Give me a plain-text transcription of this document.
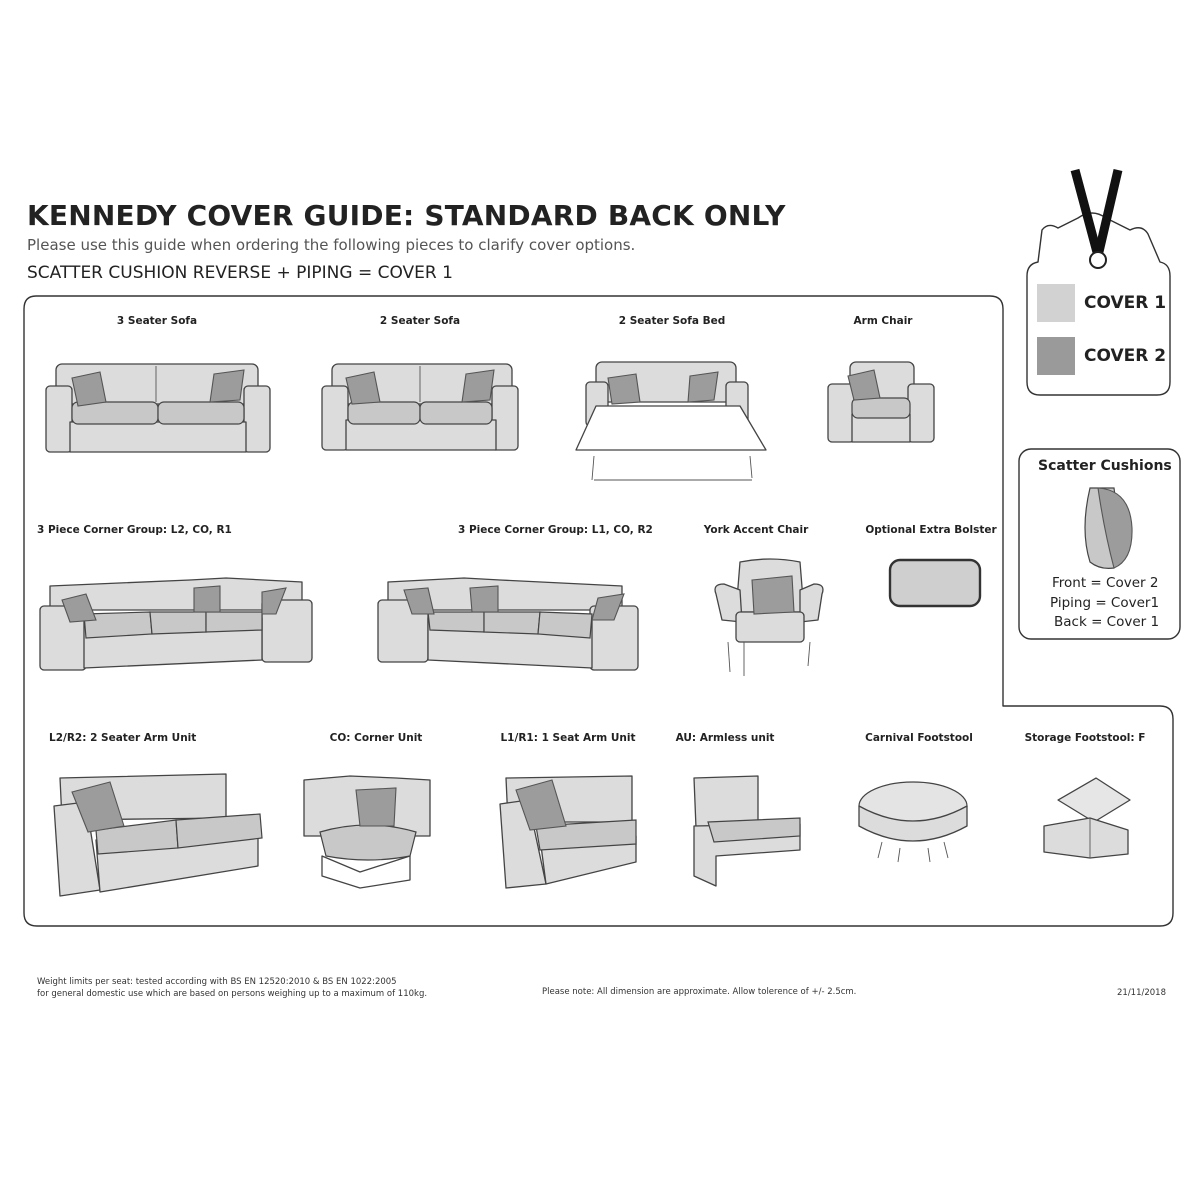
KENNEDY COVER GUIDE: STANDARD BACK ONLY
Please use this guide when ordering the following pieces to clarify cover options.
SCATTER CUSHION REVERSE + PIPING = COVER 1
COVER 1
COVER 2
Scatter Cushions
Front = Cover 2
Piping = Cover1
Back = Cover 1
3 Seater Sofa	2 Seater Sofa	2 Seater Sofa Bed	Arm Chair
3 Piece Corner Group: L2, CO, R1	3 Piece Corner Group: L1, CO, R2	York Accent Chair	Optional Extra Bolster
L2/R2: 2 Seater Arm Unit	CO: Corner Unit	L1/R1: 1 Seat Arm Unit	AU: Armless unit	Carnival Footstool	Storage Footstool: F
Weight limits per seat: tested according with BS EN 12520:2010 & BS EN 1022:2005
for general domestic use which are based on persons weighing up to a maximum of 110kg.	Please note: All dimension are approximate. Allow tolerence of +/- 2.5cm.	21/11/2018
